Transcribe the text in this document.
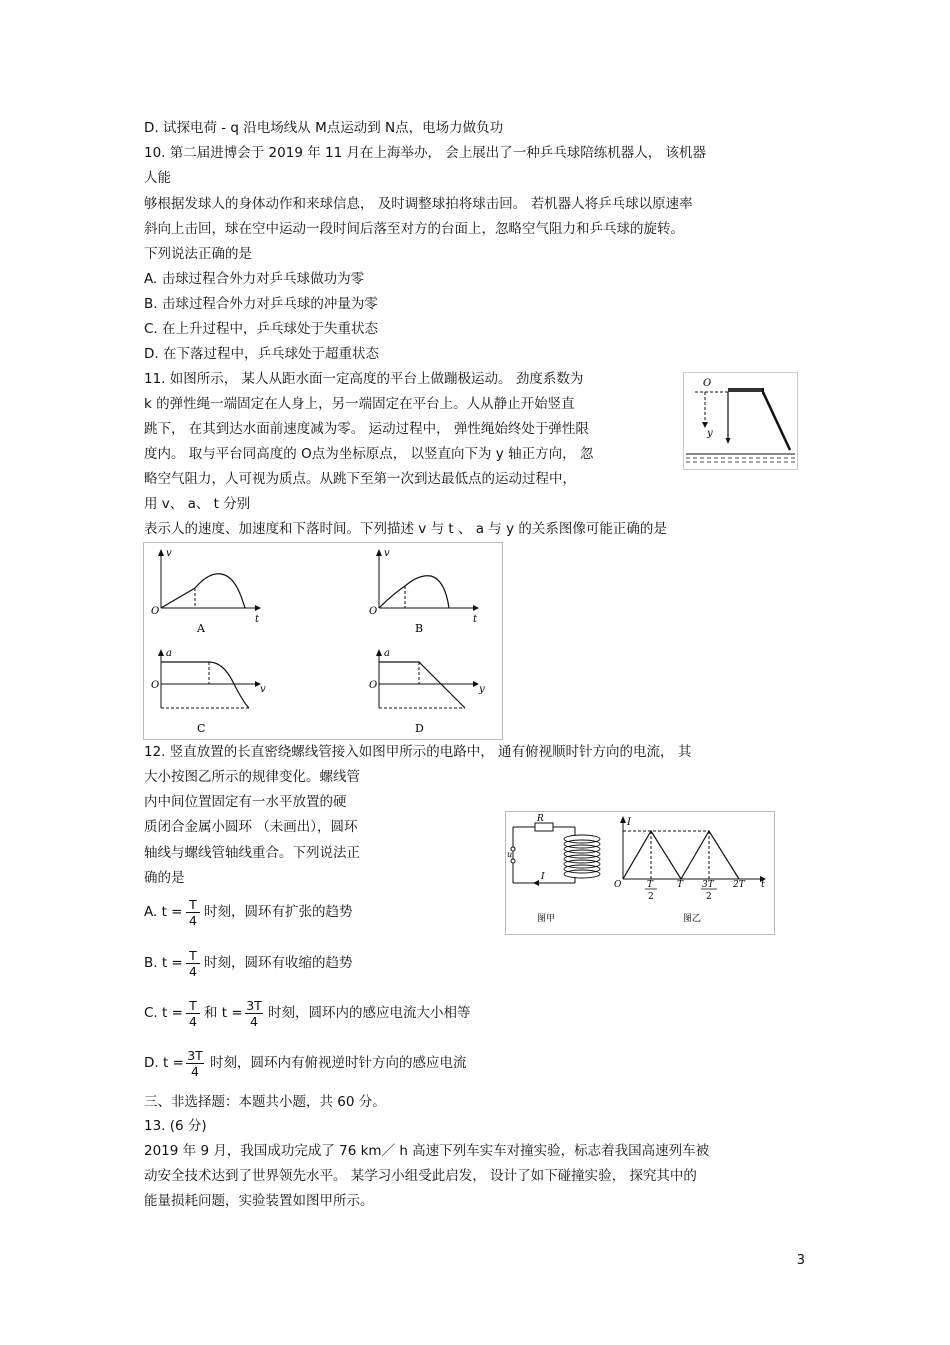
D. 试探电荷 - q 沿电场线从 M点运动到 N点，电场力做负功
10. 第二届进博会于 2019 年 11 月在上海举办， 会上展出了一种乒乓球陪练机器人， 该机器
人能
够根据发球人的身体动作和来球信息， 及时调整球拍将球击回。 若机器人将乒乓球以原速率
斜向上击回，球在空中运动一段时间后落至对方的台面上，忽略空气阻力和乒乓球的旋转。
下列说法正确的是
A. 击球过程合外力对乒乓球做功为零
B. 击球过程合外力对乒乓球的冲量为零
C. 在上升过程中，乒乓球处于失重状态
D. 在下落过程中，乒乓球处于超重状态
11. 如图所示， 某人从距水面一定高度的平台上做蹦极运动。 劲度系数为
k 的弹性绳一端固定在人身上，另一端固定在平台上。人从静止开始竖直
跳下， 在其到达水面前速度减为零。 运动过程中， 弹性绳始终处于弹性限
度内。 取与平台同高度的 O点为坐标原点， 以竖直向下为 y 轴正方向， 忽
略空气阻力，人可视为质点。从跳下至第一次到达最低点的运动过程中，
用 v、 a、 t 分别
表示人的速度、加速度和下落时间。下列描述 v 与 t 、 a 与 y 的关系图像可能正确的是
O
y
v
O
t
A
v
O
t
B
a
O	v
C
a
O	y
D
12. 竖直放置的长直密绕螺线管接入如图甲所示的电路中， 通有俯视顺时针方向的电流， 其
大小按图乙所示的规律变化。螺线管
内中间位置固定有一水平放置的硬
质闭合金属小圆环 （未画出），圆环
轴线与螺线管轴线重合。下列说法正
确的是
R
u
I
图甲
I
O	T
2
T 3T
2
2T t
图乙
A. t = T
4
时刻，圆环有扩张的趋势
B. t = T
4
时刻，圆环有收缩的趋势
C. t = T
4
和 t = 3T
4
时刻，圆环内的感应电流大小相等
D. t = 3T
4
时刻，圆环内有俯视逆时针方向的感应电流
三、非选择题：本题共小题，共 60 分。
13. (6 分)
2019 年 9 月，我国成功完成了 76 km／ h 高速下列车实车对撞实验，标志着我国高速列车被
动安全技术达到了世界领先水平。 某学习小组受此启发， 设计了如下碰撞实验， 探究其中的
能量损耗问题，实验装置如图甲所示。
3
